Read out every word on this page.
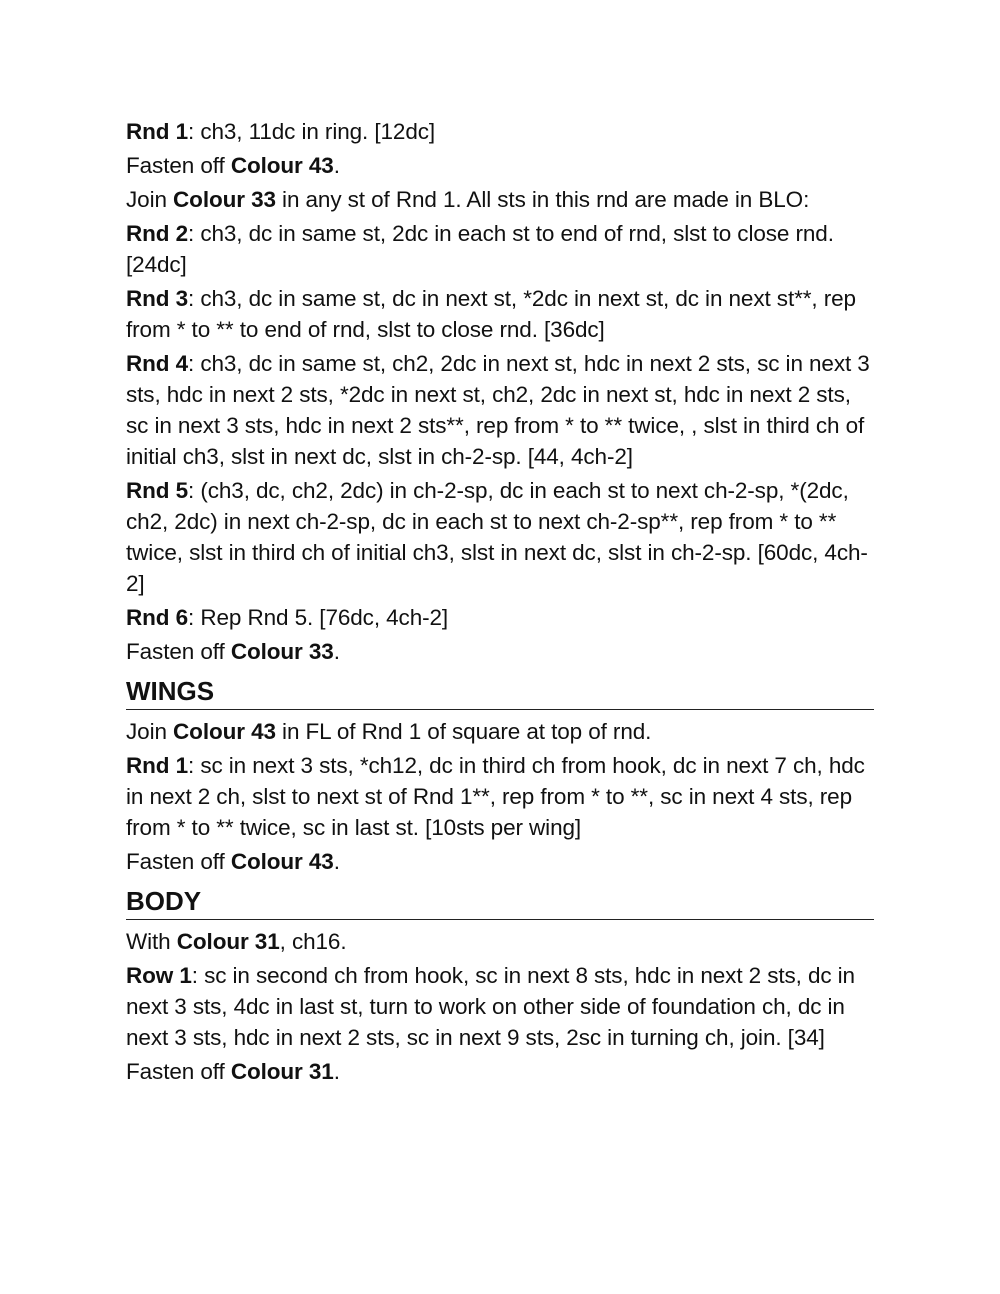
Rnd 1: ch3, 11dc in ring. [12dc]
Fasten off Colour 43.
Join Colour 33 in any st of Rnd 1. All sts in this rnd are made in BLO:
Rnd 2: ch3, dc in same st, 2dc in each st to end of rnd, slst to close rnd. [24dc]
Rnd 3: ch3, dc in same st, dc in next st, *2dc in next st, dc in next st**, rep from * to ** to end of rnd, slst to close rnd. [36dc]
Rnd 4: ch3, dc in same st, ch2, 2dc in next st, hdc in next 2 sts, sc in next 3 sts, hdc in next 2 sts, *2dc in next st, ch2, 2dc in next st, hdc in next 2 sts, sc in next 3 sts, hdc in next 2 sts**, rep from * to ** twice, , slst in third ch of initial ch3, slst in next dc, slst in ch-2-sp. [44, 4ch-2]
Rnd 5: (ch3, dc, ch2, 2dc) in ch-2-sp, dc in each st to next ch-2-sp, *(2dc, ch2, 2dc) in next ch-2-sp, dc in each st to next ch-2-sp**, rep from * to ** twice, slst in third ch of initial ch3, slst in next dc, slst in ch-2-sp. [60dc, 4ch-2]
Rnd 6: Rep Rnd 5. [76dc, 4ch-2]
Fasten off Colour 33.
WINGS
Join Colour 43 in FL of Rnd 1 of square at top of rnd.
Rnd 1: sc in next 3 sts, *ch12, dc in third ch from hook, dc in next 7 ch, hdc in next 2 ch, slst to next st of Rnd 1**, rep from * to **, sc in next 4 sts, rep from * to ** twice, sc in last st. [10sts per wing]
Fasten off Colour 43.
BODY
With Colour 31, ch16.
Row 1: sc in second ch from hook, sc in next 8 sts, hdc in next 2 sts, dc in next 3 sts, 4dc in last st, turn to work on other side of foundation ch, dc in next 3 sts, hdc in next 2 sts, sc in next 9 sts, 2sc in turning ch, join. [34]
Fasten off Colour 31.
